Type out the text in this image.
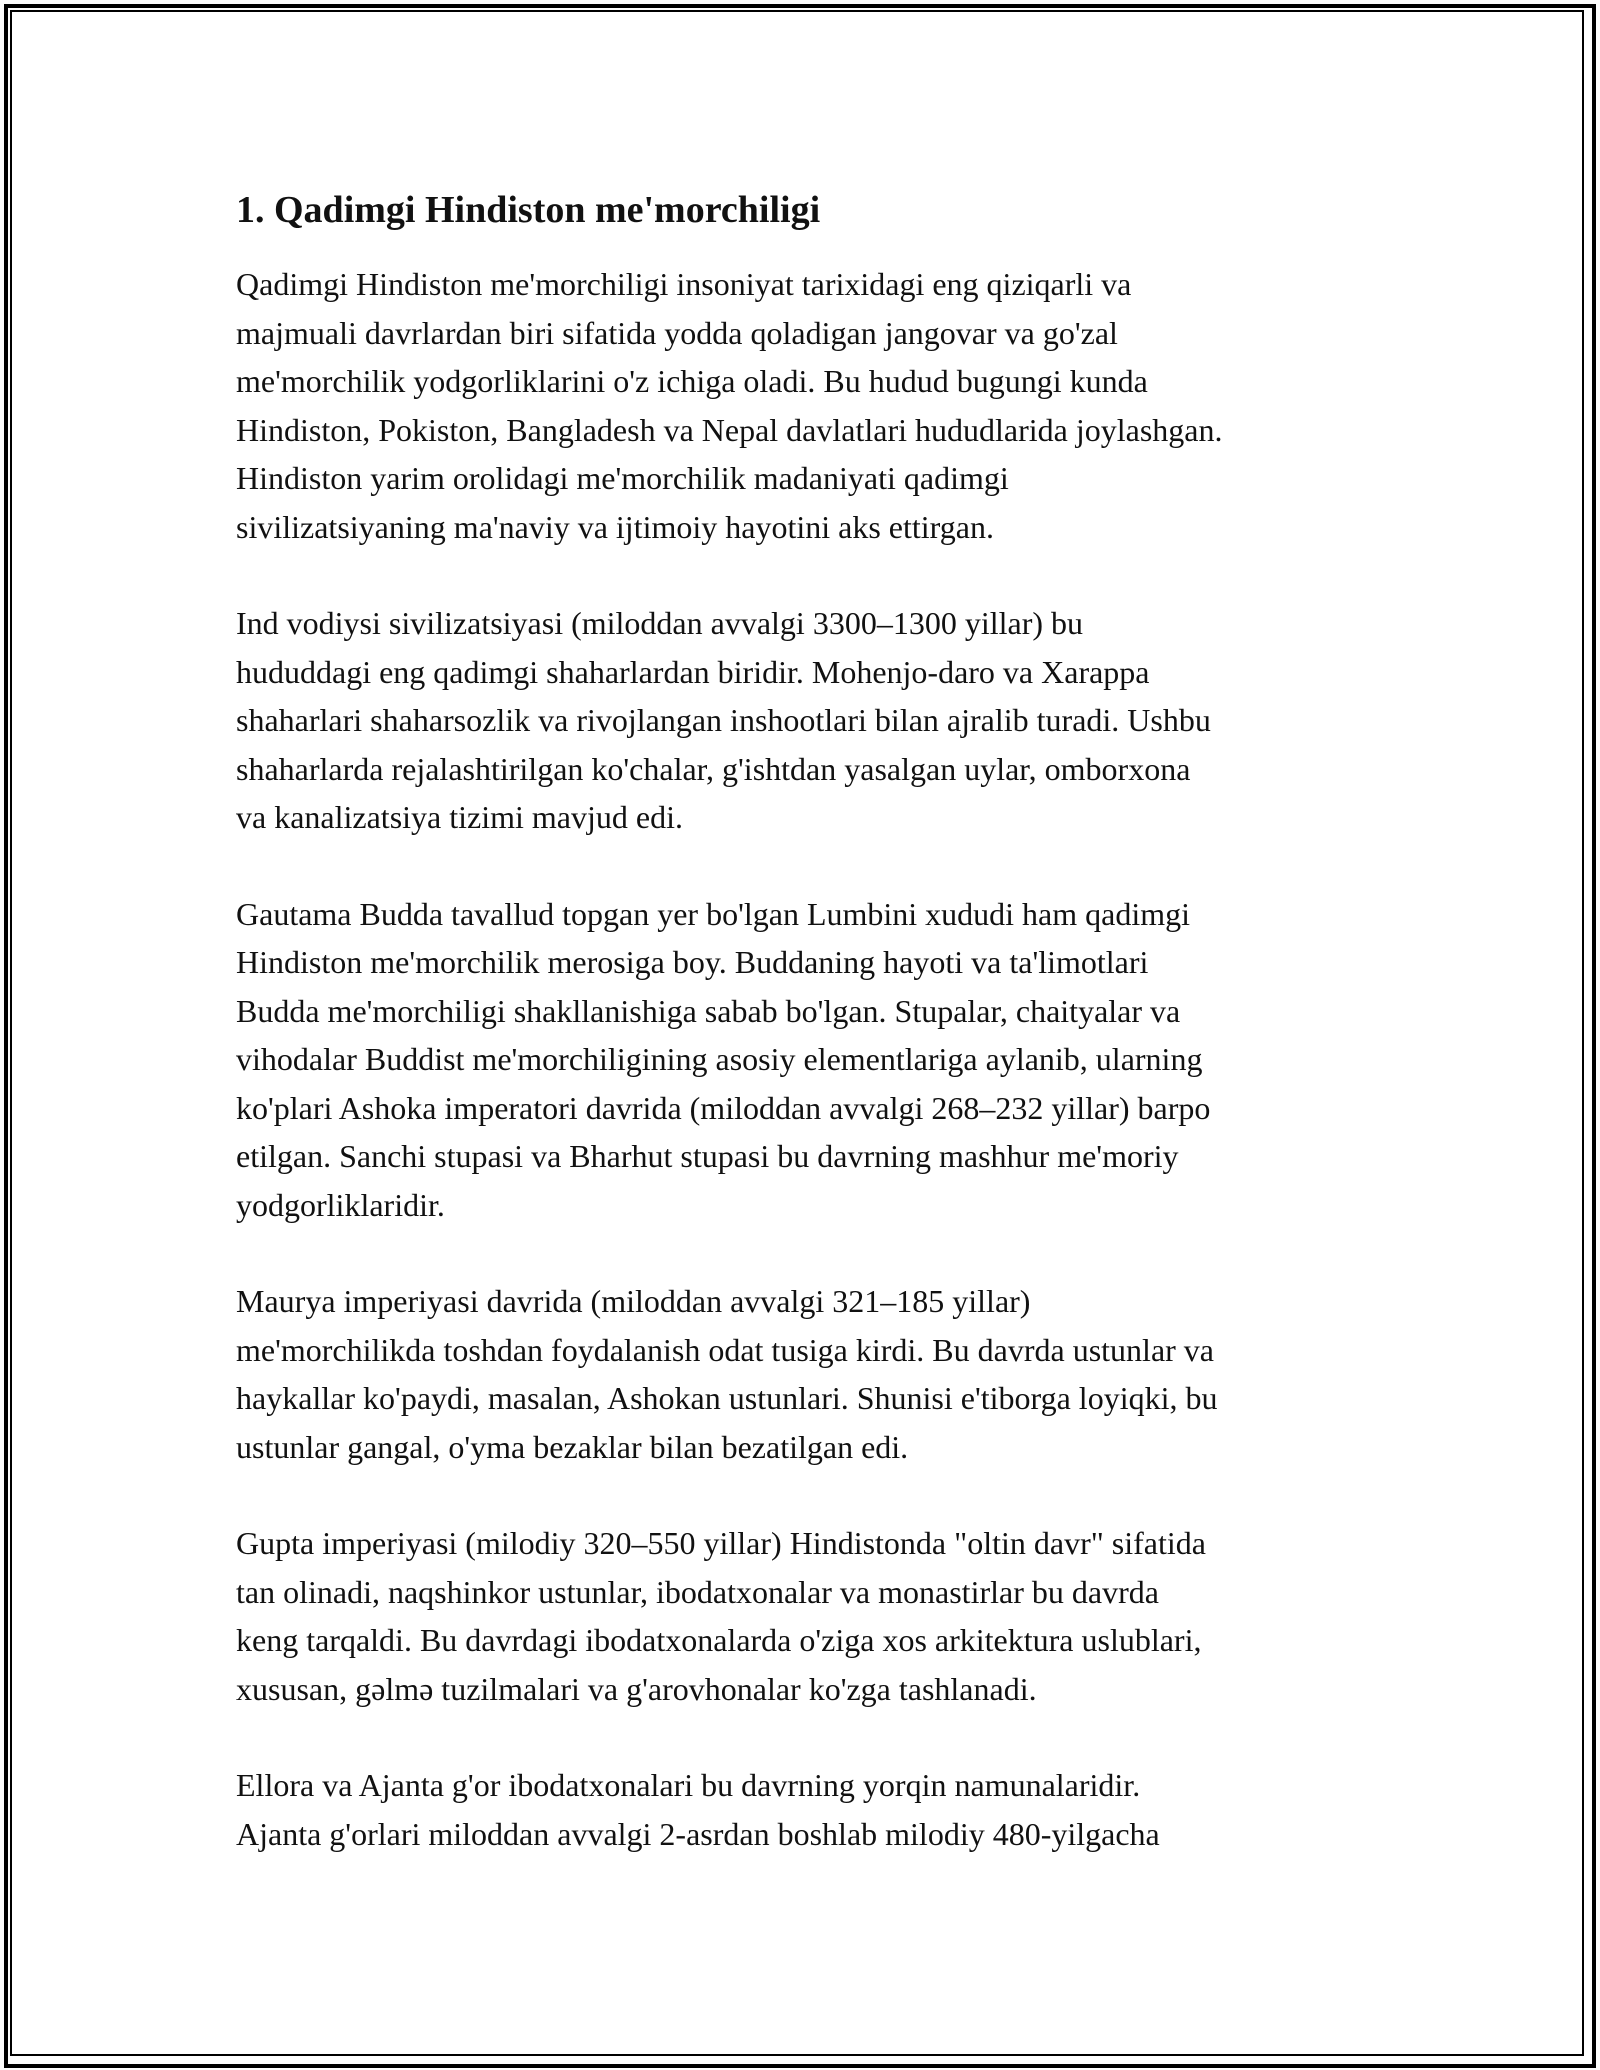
1. Qadimgi Hindiston me'morchiligi
Qadimgi Hindiston me'morchiligi insoniyat tarixidagi eng qiziqarli va
majmuali davrlardan biri sifatida yodda qoladigan jangovar va go'zal
me'morchilik yodgorliklarini o'z ichiga oladi. Bu hudud bugungi kunda
Hindiston, Pokiston, Bangladesh va Nepal davlatlari hududlarida joylashgan.
Hindiston yarim orolidagi me'morchilik madaniyati qadimgi
sivilizatsiyaning ma'naviy va ijtimoiy hayotini aks ettirgan.
Ind vodiysi sivilizatsiyasi (miloddan avvalgi 3300–1300 yillar) bu
hududdagi eng qadimgi shaharlardan biridir. Mohenjo-daro va Xarappa
shaharlari shaharsozlik va rivojlangan inshootlari bilan ajralib turadi. Ushbu
shaharlarda rejalashtirilgan ko'chalar, g'ishtdan yasalgan uylar, omborxona
va kanalizatsiya tizimi mavjud edi.
Gautama Budda tavallud topgan yer bo'lgan Lumbini xududi ham qadimgi
Hindiston me'morchilik merosiga boy. Buddaning hayoti va ta'limotlari
Budda me'morchiligi shakllanishiga sabab bo'lgan. Stupalar, chaityalar va
vihodalar Buddist me'morchiligining asosiy elementlariga aylanib, ularning
ko'plari Ashoka imperatori davrida (miloddan avvalgi 268–232 yillar) barpo
etilgan. Sanchi stupasi va Bharhut stupasi bu davrning mashhur me'moriy
yodgorliklaridir.
Maurya imperiyasi davrida (miloddan avvalgi 321–185 yillar)
me'morchilikda toshdan foydalanish odat tusiga kirdi. Bu davrda ustunlar va
haykallar ko'paydi, masalan, Ashokan ustunlari. Shunisi e'tiborga loyiqki, bu
ustunlar gangal, o'yma bezaklar bilan bezatilgan edi.
Gupta imperiyasi (milodiy 320–550 yillar) Hindistonda "oltin davr" sifatida
tan olinadi, naqshinkor ustunlar, ibodatxonalar va monastirlar bu davrda
keng tarqaldi. Bu davrdagi ibodatxonalarda o'ziga xos arkitektura uslublari,
xususan, gəlmə tuzilmalari va g'arovhonalar ko'zga tashlanadi.
Ellora va Ajanta g'or ibodatxonalari bu davrning yorqin namunalaridir.
Ajanta g'orlari miloddan avvalgi 2-asrdan boshlab milodiy 480-yilgacha
